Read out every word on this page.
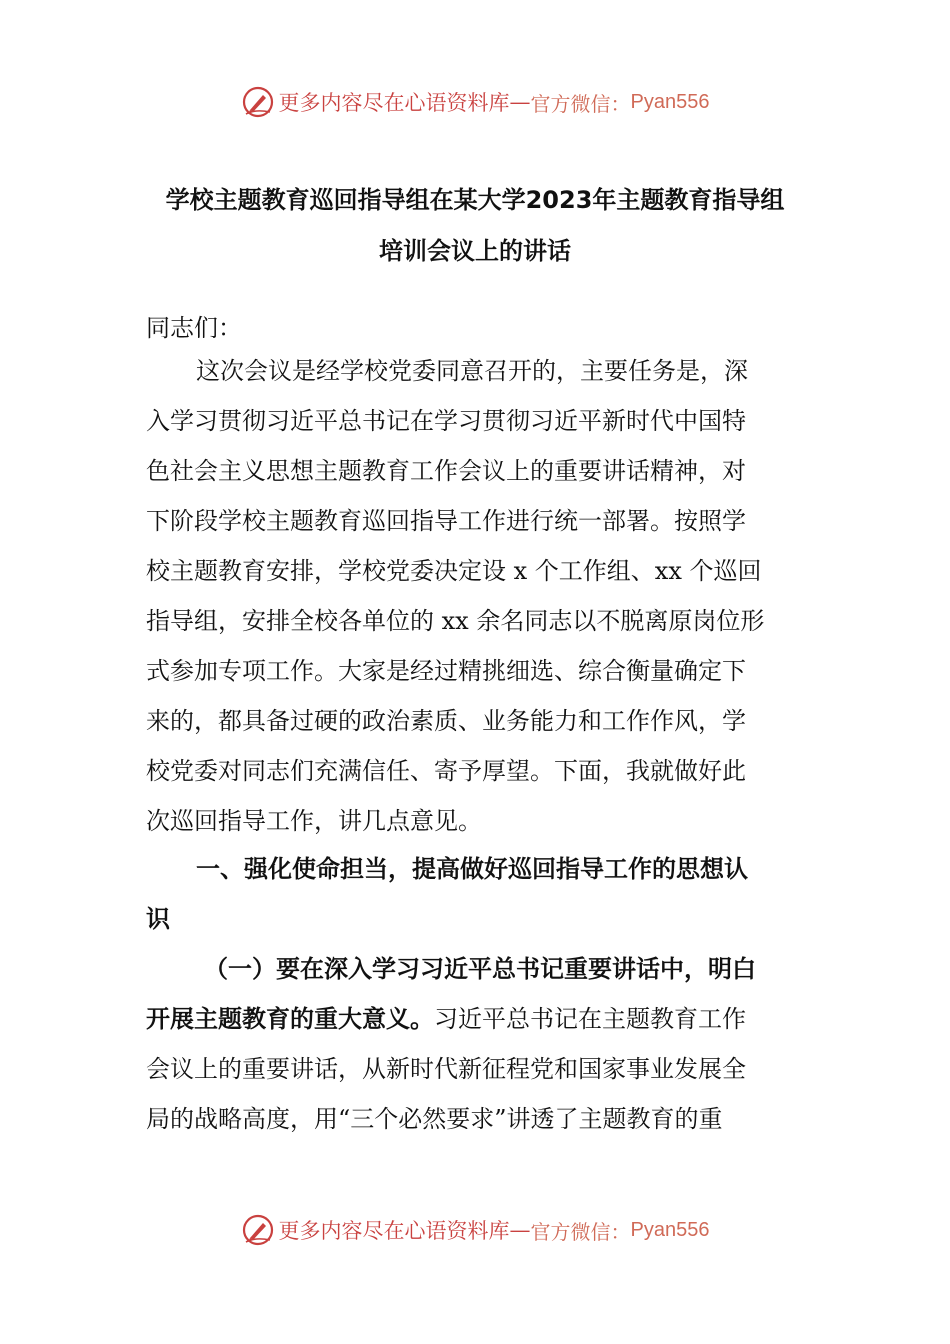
更多内容尽在心语资料库 — 官方微信： Pyan556
学校主题教育巡回指导组在某大学2023年主题教育指导组
培训会议上的讲话
同志们：
这次会议是经学校党委同意召开的，主要任务是，深
入学习贯彻习近平总书记在学习贯彻习近平新时代中国特
色社会主义思想主题教育工作会议上的重要讲话精神，对
下阶段学校主题教育巡回指导工作进行统一部署。按照学
校主题教育安排，学校党委决定设 x 个工作组、xx 个巡回
指导组，安排全校各单位的 xx 余名同志以不脱离原岗位形
式参加专项工作。大家是经过精挑细选、综合衡量确定下
来的，都具备过硬的政治素质、业务能力和工作作风，学
校党委对同志们充满信任、寄予厚望。下面，我就做好此
次巡回指导工作，讲几点意见。
一、强化使命担当，提高做好巡回指导工作的思想认
识
（一）要在深入学习习近平总书记重要讲话中，明白
开展主题教育的重大意义。习近平总书记在主题教育工作
会议上的重要讲话，从新时代新征程党和国家事业发展全
局的战略高度，用“三个必然要求”讲透了主题教育的重
更多内容尽在心语资料库 — 官方微信： Pyan556
